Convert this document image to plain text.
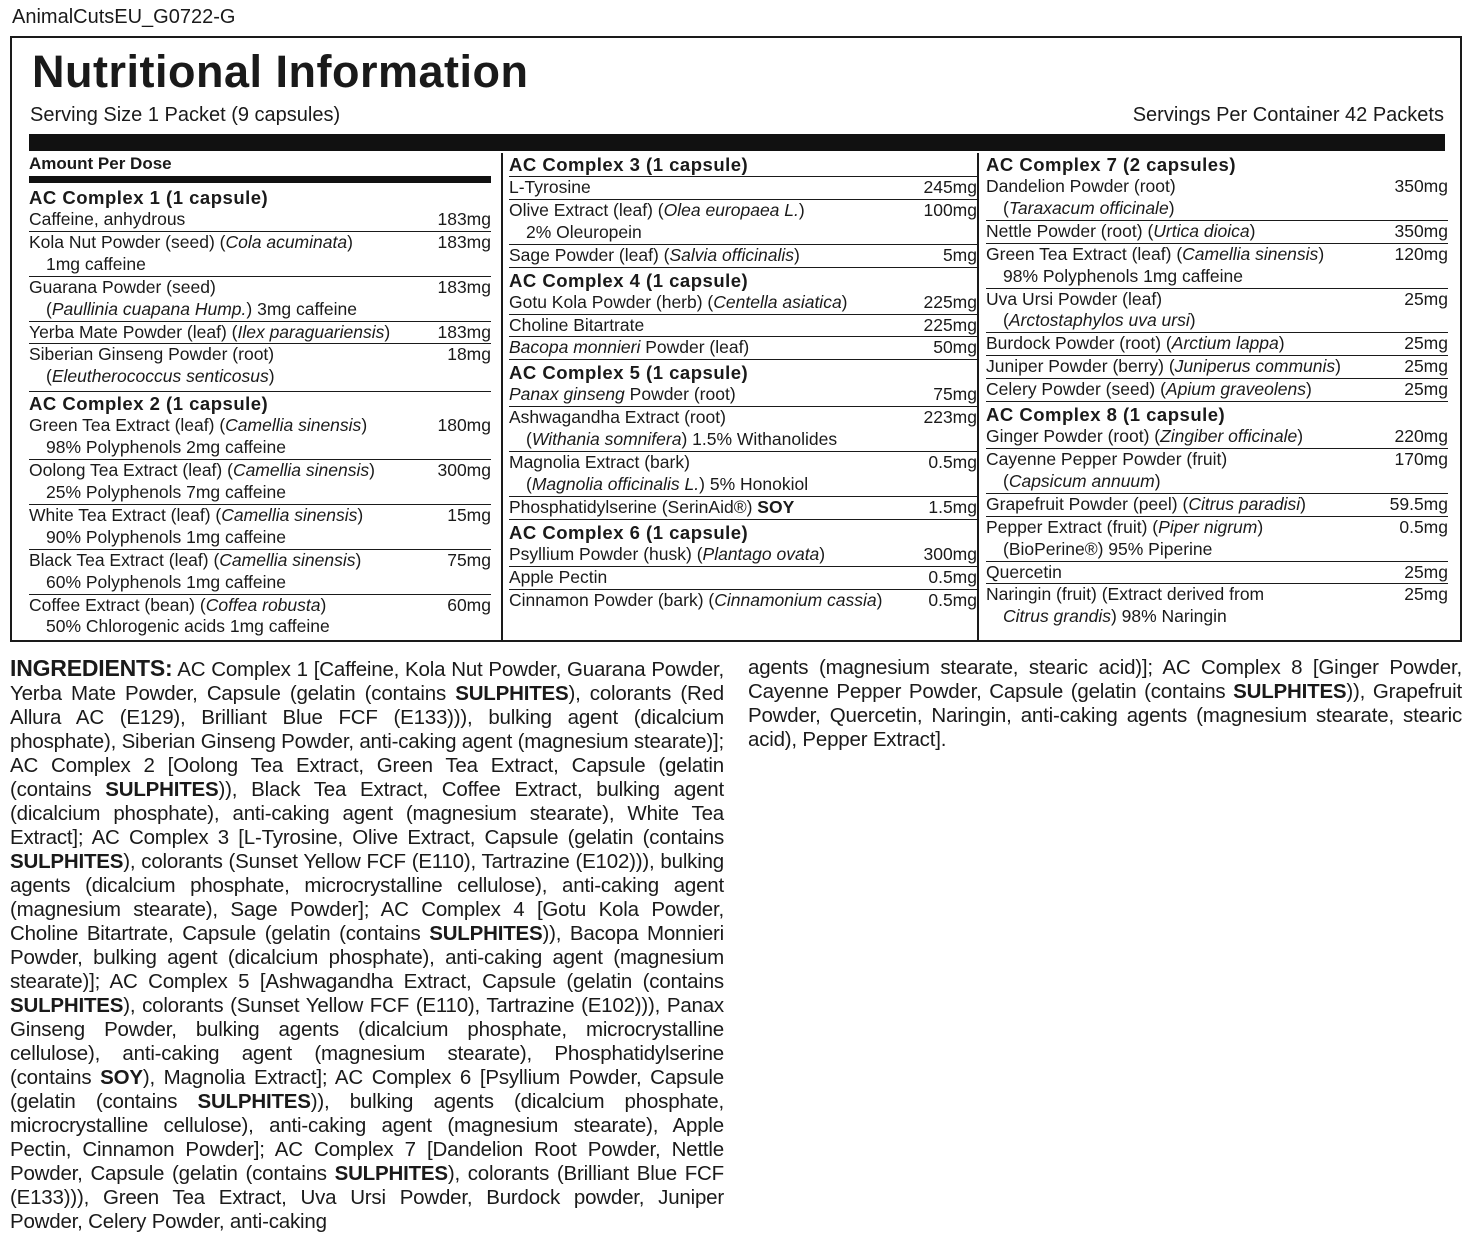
AnimalCutsEU_G0722-G
Nutritional Information
Serving Size 1 Packet (9 capsules)	Servings Per Container 42 Packets
Amount Per Dose
AC Complex 1 (1 capsule)
Caffeine, anhydrous	183mg
Kola Nut Powder (seed) (Cola acuminata)	183mg
1mg caffeine
Guarana Powder (seed)	183mg
(Paullinia cuapana Hump.) 3mg caffeine
Yerba Mate Powder (leaf) (Ilex paraguariensis)	183mg
Siberian Ginseng Powder (root)	18mg
(Eleutherococcus senticosus)
AC Complex 2 (1 capsule)
Green Tea Extract (leaf) (Camellia sinensis)	180mg
98% Polyphenols 2mg caffeine
Oolong Tea Extract (leaf) (Camellia sinensis)	300mg
25% Polyphenols 7mg caffeine
White Tea Extract (leaf) (Camellia sinensis)	15mg
90% Polyphenols 1mg caffeine
Black Tea Extract (leaf) (Camellia sinensis)	75mg
60% Polyphenols 1mg caffeine
Coffee Extract (bean) (Coffea robusta)	60mg
50% Chlorogenic acids 1mg caffeine
AC Complex 3 (1 capsule)
L-Tyrosine	245mg
Olive Extract (leaf) (Olea europaea L.)	100mg
2% Oleuropein
Sage Powder (leaf) (Salvia officinalis)	5mg
AC Complex 4 (1 capsule)
Gotu Kola Powder (herb) (Centella asiatica)	225mg
Choline Bitartrate	225mg
Bacopa monnieri Powder (leaf)	50mg
AC Complex 5 (1 capsule)
Panax ginseng Powder (root)	75mg
Ashwagandha Extract (root)	223mg
(Withania somnifera) 1.5% Withanolides
Magnolia Extract (bark)	0.5mg
(Magnolia officinalis L.) 5% Honokiol
Phosphatidylserine (SerinAid®) SOY	1.5mg
AC Complex 6 (1 capsule)
Psyllium Powder (husk) (Plantago ovata)	300mg
Apple Pectin	0.5mg
Cinnamon Powder (bark) (Cinnamonium cassia)	0.5mg
AC Complex 7 (2 capsules)
Dandelion Powder (root)	350mg
(Taraxacum officinale)
Nettle Powder (root) (Urtica dioica)	350mg
Green Tea Extract (leaf) (Camellia sinensis)	120mg
98% Polyphenols 1mg caffeine
Uva Ursi Powder (leaf)	25mg
(Arctostaphylos uva ursi)
Burdock Powder (root) (Arctium lappa)	25mg
Juniper Powder (berry) (Juniperus communis)	25mg
Celery Powder (seed) (Apium graveolens)	25mg
AC Complex 8 (1 capsule)
Ginger Powder (root) (Zingiber officinale)	220mg
Cayenne Pepper Powder (fruit)	170mg
(Capsicum annuum)
Grapefruit Powder (peel) (Citrus paradisi)	59.5mg
Pepper Extract (fruit) (Piper nigrum)	0.5mg
(BioPerine®) 95% Piperine
Quercetin	25mg
Naringin (fruit) (Extract derived from	25mg
Citrus grandis) 98% Naringin
INGREDIENTS: AC Complex 1 [Caffeine, Kola Nut Powder, Guarana Powder, Yerba Mate Powder, Capsule (gelatin (contains SULPHITES), colorants (Red Allura AC (E129), Brilliant Blue FCF (E133))), bulking agent (dicalcium phosphate), Siberian Ginseng Powder, anti-caking agent (magnesium stearate)]; AC Complex 2 [Oolong Tea Extract, Green Tea Extract, Capsule (gelatin (contains SULPHITES)), Black Tea Extract, Coffee Extract, bulking agent (dicalcium phosphate), anti-caking agent (magnesium stearate), White Tea Extract]; AC Complex 3 [L-Tyrosine, Olive Extract, Capsule (gelatin (contains SULPHITES), colorants (Sunset Yellow FCF (E110), Tartrazine (E102))), bulking agents (dicalcium phosphate, microcrystalline cellulose), anti-caking agent (magnesium stearate), Sage Powder]; AC Complex 4 [Gotu Kola Powder, Choline Bitartrate, Capsule (gelatin (contains SULPHITES)), Bacopa Monnieri Powder, bulking agent (dicalcium phosphate), anti-caking agent (magnesium stearate)]; AC Complex 5 [Ashwagandha Extract, Capsule (gelatin (contains SULPHITES), colorants (Sunset Yellow FCF (E110), Tartrazine (E102))), Panax Ginseng Powder, bulking agents (dicalcium phosphate, microcrystalline cellulose), anti-caking agent (magnesium stearate), Phosphatidylserine (contains SOY), Magnolia Extract]; AC Complex 6 [Psyllium Powder, Capsule (gelatin (contains SULPHITES)), bulking agents (dicalcium phosphate, microcrystalline cellulose), anti-caking agent (magnesium stearate), Apple Pectin, Cinnamon Powder]; AC Complex 7 [Dandelion Root Powder, Nettle Powder, Capsule (gelatin (contains SULPHITES), colorants (Brilliant Blue FCF (E133))), Green Tea Extract, Uva Ursi Powder, Burdock powder, Juniper Powder, Celery Powder, anti-caking
agents (magnesium stearate, stearic acid)]; AC Complex 8 [Ginger Powder, Cayenne Pepper Powder, Capsule (gelatin (contains SULPHITES)), Grapefruit Powder, Quercetin, Naringin, anti-caking agents (magnesium stearate, stearic acid), Pepper Extract].
